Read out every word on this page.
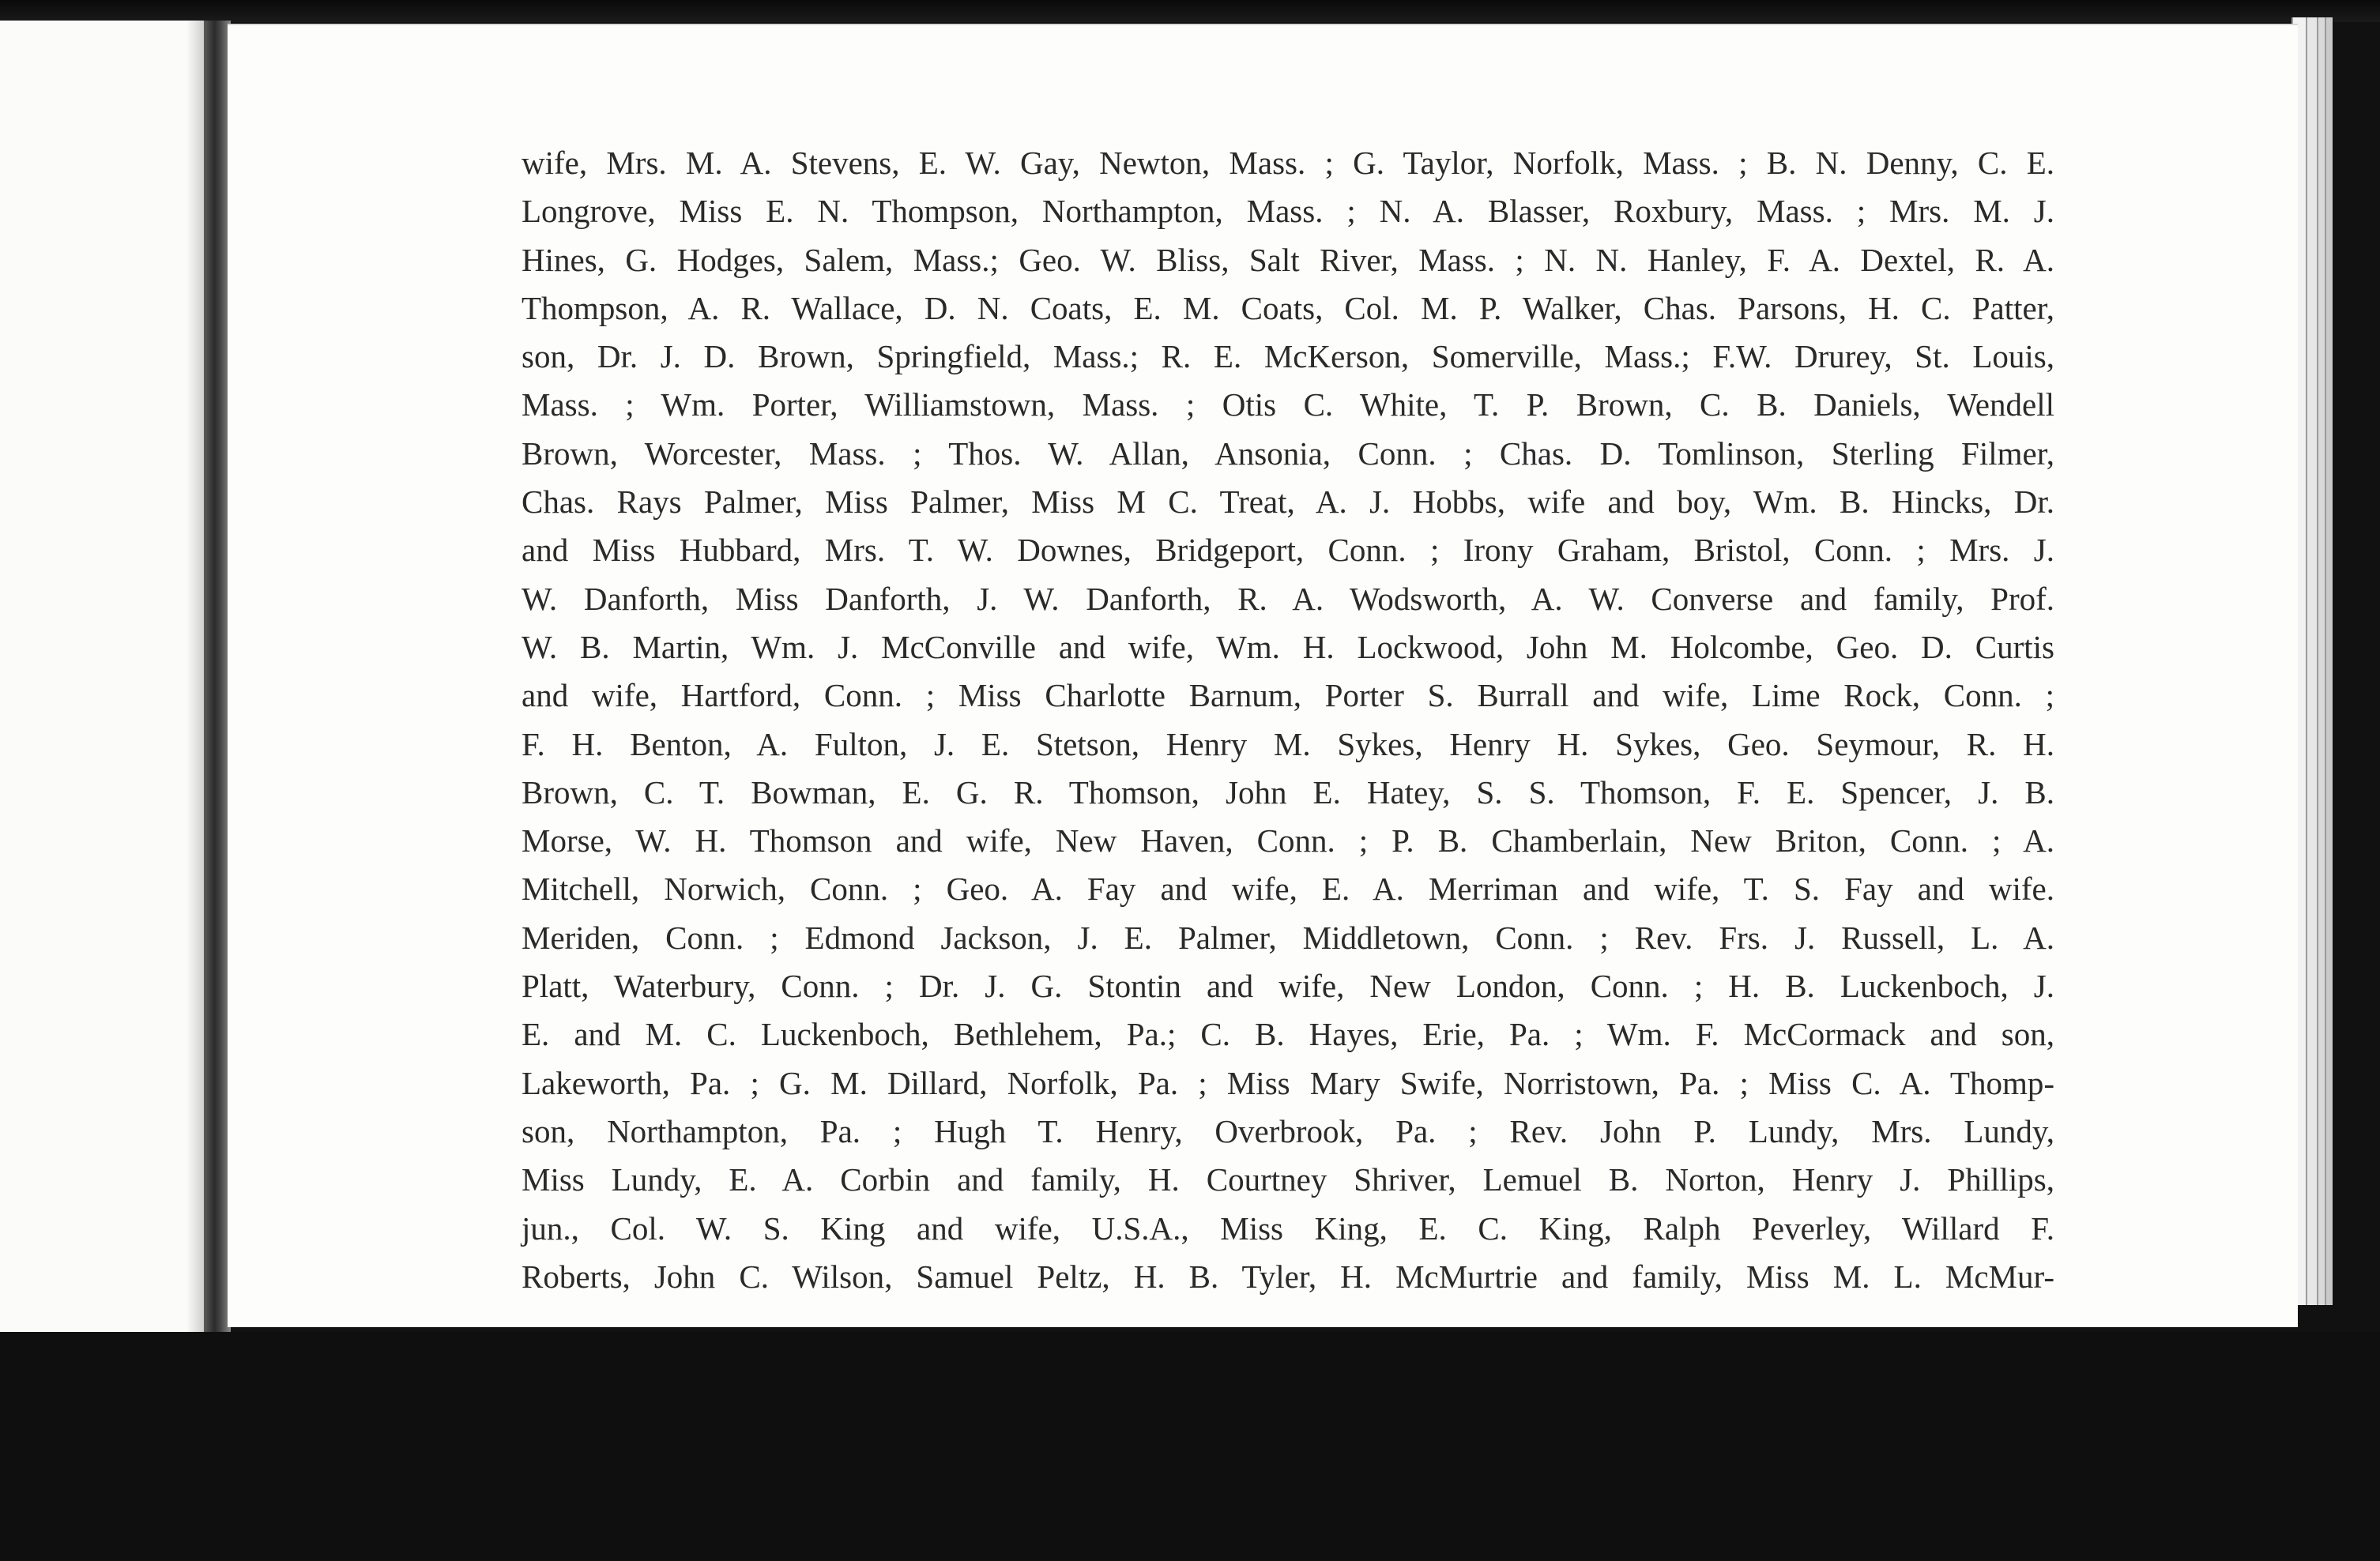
wife, Mrs. M. A. Stevens, E. W. Gay, Newton, Mass. ; G. Taylor, Norfolk, Mass. ; B. N. Denny, C. E.
Longrove, Miss E. N. Thompson, Northampton, Mass. ; N. A. Blasser, Roxbury, Mass. ; Mrs. M. J.
Hines, G. Hodges, Salem, Mass.; Geo. W. Bliss, Salt River, Mass. ; N. N. Hanley, F. A. Dextel, R. A.
Thompson, A. R. Wallace, D. N. Coats, E. M. Coats, Col. M. P. Walker, Chas. Parsons, H. C. Patter,
son, Dr. J. D. Brown, Springfield, Mass.; R. E. McKerson, Somerville, Mass.; F.W. Drurey, St. Louis,
Mass. ; Wm. Porter, Williamstown, Mass. ; Otis C. White, T. P. Brown, C. B. Daniels, Wendell
Brown, Worcester, Mass. ; Thos. W. Allan, Ansonia, Conn. ; Chas. D. Tomlinson, Sterling Filmer,
Chas. Rays Palmer, Miss Palmer, Miss M C. Treat, A. J. Hobbs, wife and boy, Wm. B. Hincks, Dr.
and Miss Hubbard, Mrs. T. W. Downes, Bridgeport, Conn. ; Irony Graham, Bristol, Conn. ; Mrs. J.
W. Danforth, Miss Danforth, J. W. Danforth, R. A. Wodsworth, A. W. Converse and family, Prof.
W. B. Martin, Wm. J. McConville and wife, Wm. H. Lockwood, John M. Holcombe, Geo. D. Curtis
and wife, Hartford, Conn. ; Miss Charlotte Barnum, Porter S. Burrall and wife, Lime Rock, Conn. ;
F. H. Benton, A. Fulton, J. E. Stetson, Henry M. Sykes, Henry H. Sykes, Geo. Seymour, R. H.
Brown, C. T. Bowman, E. G. R. Thomson, John E. Hatey, S. S. Thomson, F. E. Spencer, J. B.
Morse, W. H. Thomson and wife, New Haven, Conn. ; P. B. Chamberlain, New Briton, Conn. ; A.
Mitchell, Norwich, Conn. ; Geo. A. Fay and wife, E. A. Merriman and wife, T. S. Fay and wife.
Meriden, Conn. ; Edmond Jackson, J. E. Palmer, Middletown, Conn. ; Rev. Frs. J. Russell, L. A.
Platt, Waterbury, Conn. ; Dr. J. G. Stontin and wife, New London, Conn. ; H. B. Luckenboch, J.
E. and M. C. Luckenboch, Bethlehem, Pa.; C. B. Hayes, Erie, Pa. ; Wm. F. McCormack and son,
Lakeworth, Pa. ; G. M. Dillard, Norfolk, Pa. ; Miss Mary Swife, Norristown, Pa. ; Miss C. A. Thomp-
son, Northampton, Pa. ; Hugh T. Henry, Overbrook, Pa. ; Rev. John P. Lundy, Mrs. Lundy,
Miss Lundy, E. A. Corbin and family, H. Courtney Shriver, Lemuel B. Norton, Henry J. Phillips,
jun., Col. W. S. King and wife, U.S.A., Miss King, E. C. King, Ralph Peverley, Willard F.
Roberts, John C. Wilson, Samuel Peltz, H. B. Tyler, H. McMurtrie and family, Miss M. L. McMur-
